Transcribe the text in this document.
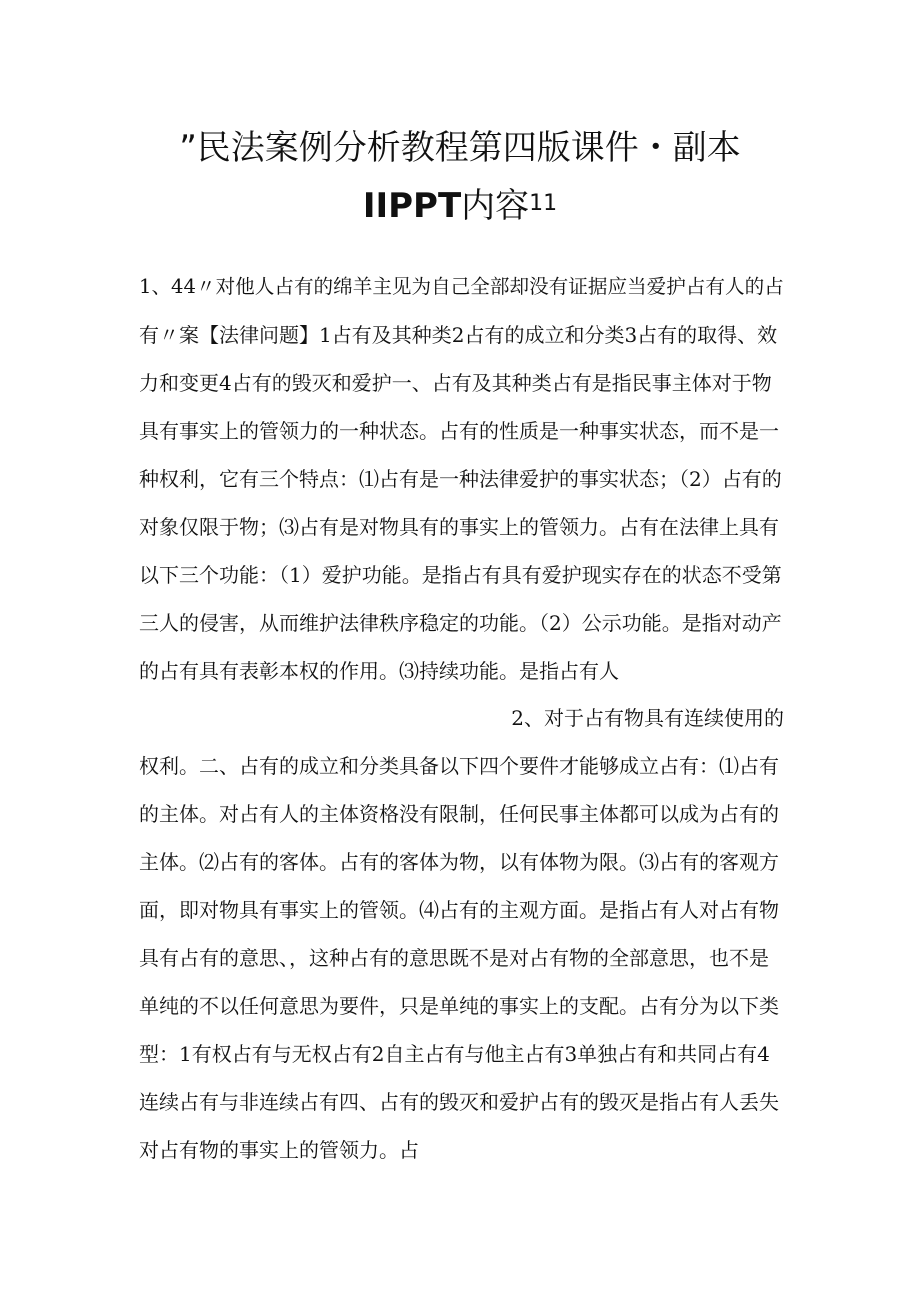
”民法案例分析教程第四版课件・副本
IIPPT内容$^{11}$
1、44〃对他人占有的绵羊主见为自己全部却没有证据应当爱护占有人的占
有〃案【法律问题】1占有及其种类2占有的成立和分类3占有的取得、效
力和变更4占有的毁灭和爱护一、占有及其种类占有是指民事主体对于物
具有事实上的管领力的一种状态。占有的性质是一种事实状态，而不是一
种权利，它有三个特点：⑴占有是一种法律爱护的事实状态；（2）占有的
对象仅限于物；⑶占有是对物具有的事实上的管领力。占有在法律上具有
以下三个功能：（1）爱护功能。是指占有具有爱护现实存在的状态不受第
三人的侵害，从而维护法律秩序稳定的功能。（2）公示功能。是指对动产
的占有具有表彰本权的作用。⑶持续功能。是指占有人
2、对于占有物具有连续使用的
权利。二、占有的成立和分类具备以下四个要件才能够成立占有：⑴占有
的主体。对占有人的主体资格没有限制，任何民事主体都可以成为占有的
主体。⑵占有的客体。占有的客体为物，以有体物为限。⑶占有的客观方
面，即对物具有事实上的管领。⑷占有的主观方面。是指占有人对占有物
具有占有的意思、，这种占有的意思既不是对占有物的全部意思，也不是
单纯的不以任何意思为要件，只是单纯的事实上的支配。占有分为以下类
型：1有权占有与无权占有2自主占有与他主占有3单独占有和共同占有4
连续占有与非连续占有四、占有的毁灭和爱护占有的毁灭是指占有人丢失
对占有物的事实上的管领力。占
